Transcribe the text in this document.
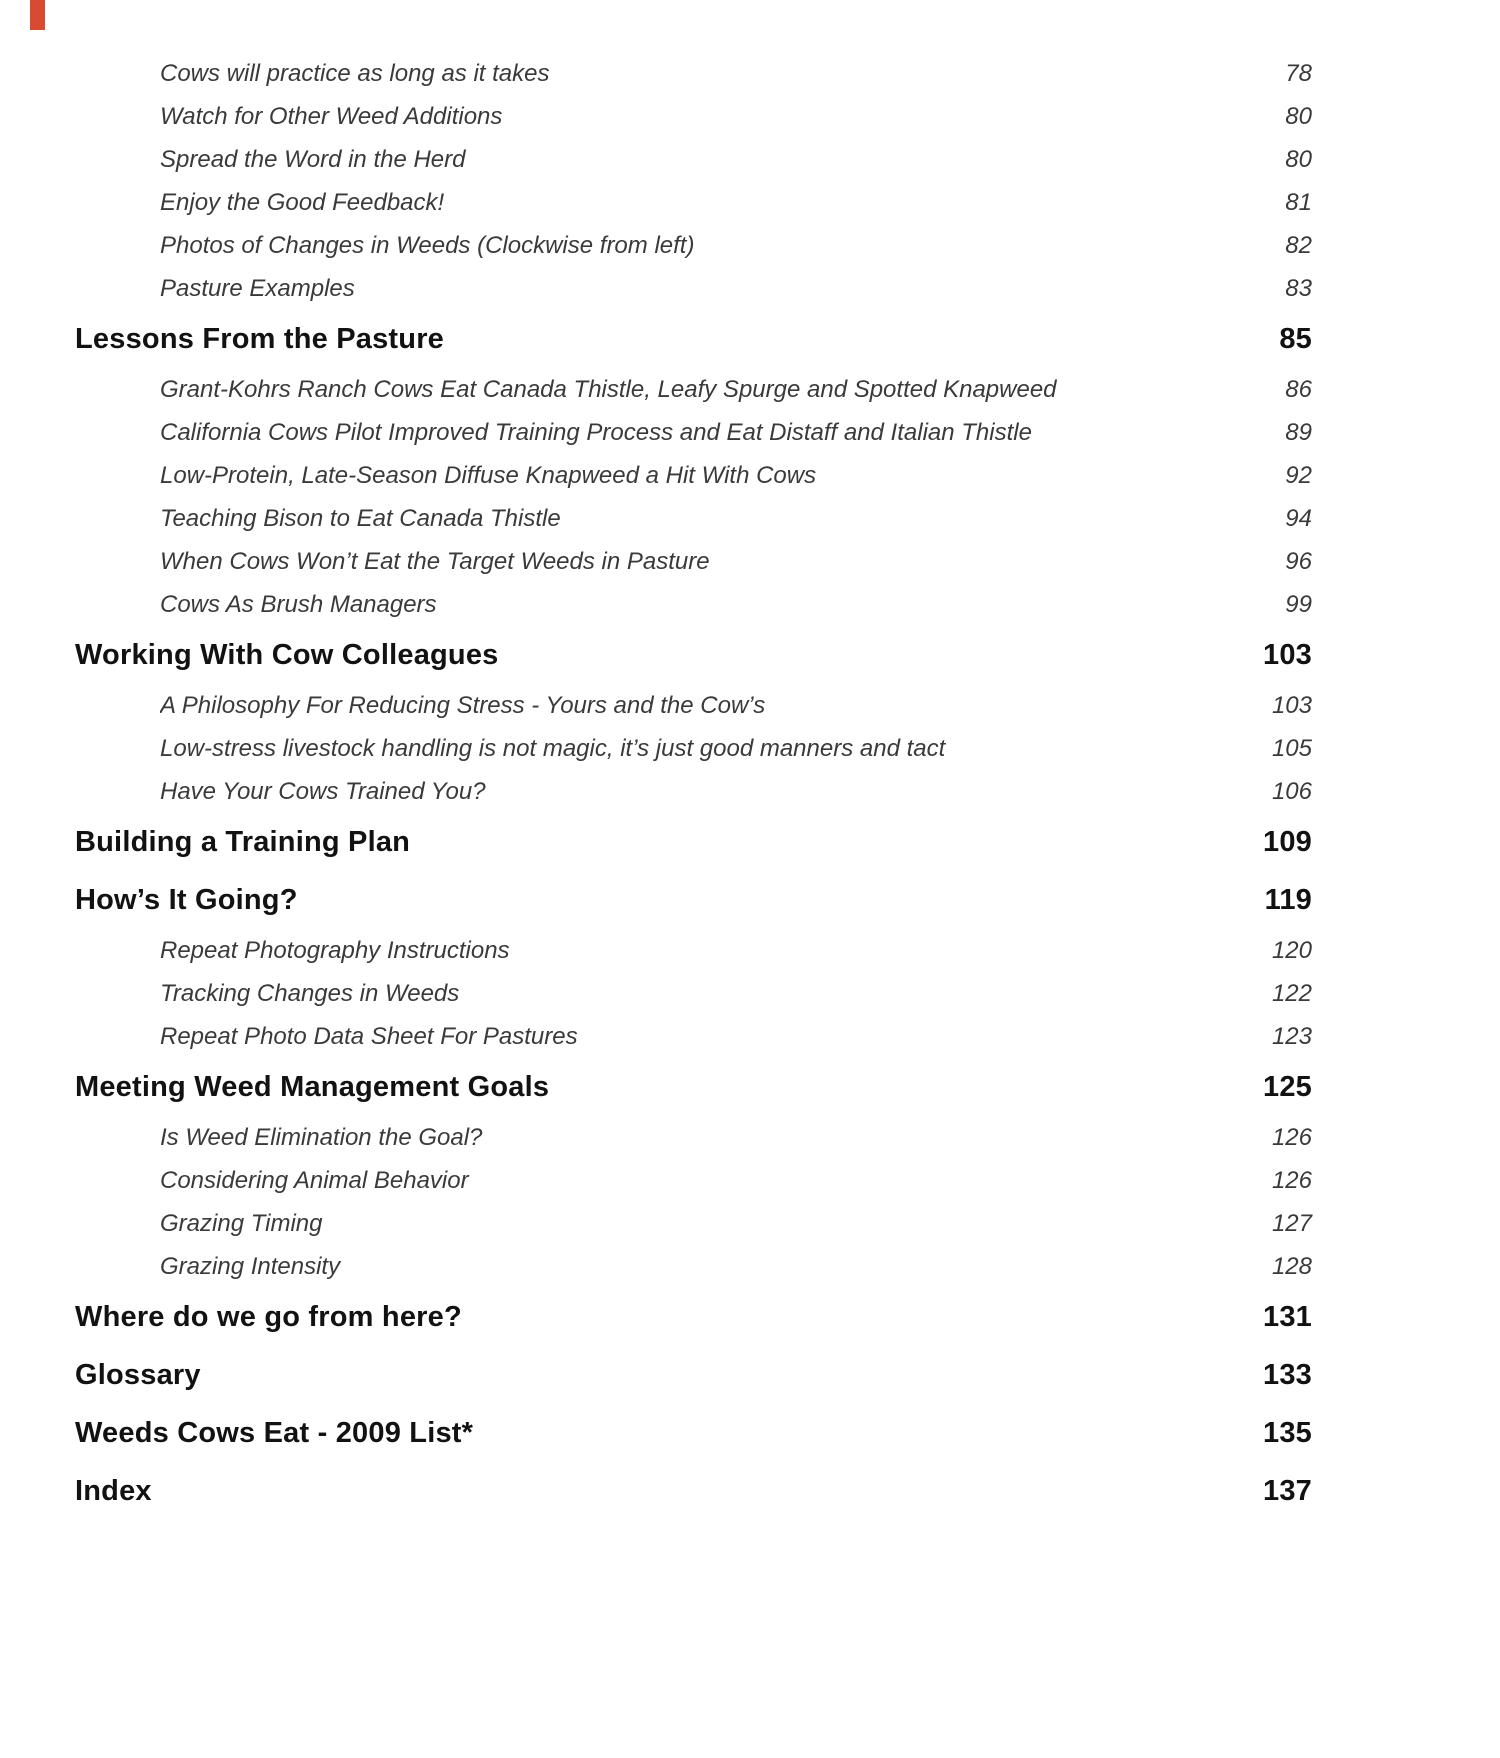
Cows will practice as long as it takes	78
Watch for Other Weed Additions	80
Spread the Word in the Herd	80
Enjoy the Good Feedback!	81
Photos of Changes in Weeds (Clockwise from left)	82
Pasture Examples	83
Lessons From the Pasture	85
Grant-Kohrs Ranch Cows Eat Canada Thistle, Leafy Spurge and Spotted Knapweed	86
California Cows Pilot Improved Training Process and Eat Distaff and Italian Thistle	89
Low-Protein, Late-Season Diffuse Knapweed a Hit With Cows	92
Teaching Bison to Eat Canada Thistle	94
When Cows Won’t Eat the Target Weeds in Pasture	96
Cows As Brush Managers	99
Working With Cow Colleagues	103
A Philosophy For Reducing Stress - Yours and the Cow’s	103
Low-stress livestock handling is not magic, it’s just good manners and tact	105
Have Your Cows Trained You?	106
Building a Training Plan	109
How’s It Going?	119
Repeat Photography Instructions	120
Tracking Changes in Weeds	122
Repeat Photo Data Sheet For Pastures	123
Meeting Weed Management Goals	125
Is Weed Elimination the Goal?	126
Considering Animal Behavior	126
Grazing Timing	127
Grazing Intensity	128
Where do we go from here?	131
Glossary	133
Weeds Cows Eat - 2009 List*	135
Index	137
